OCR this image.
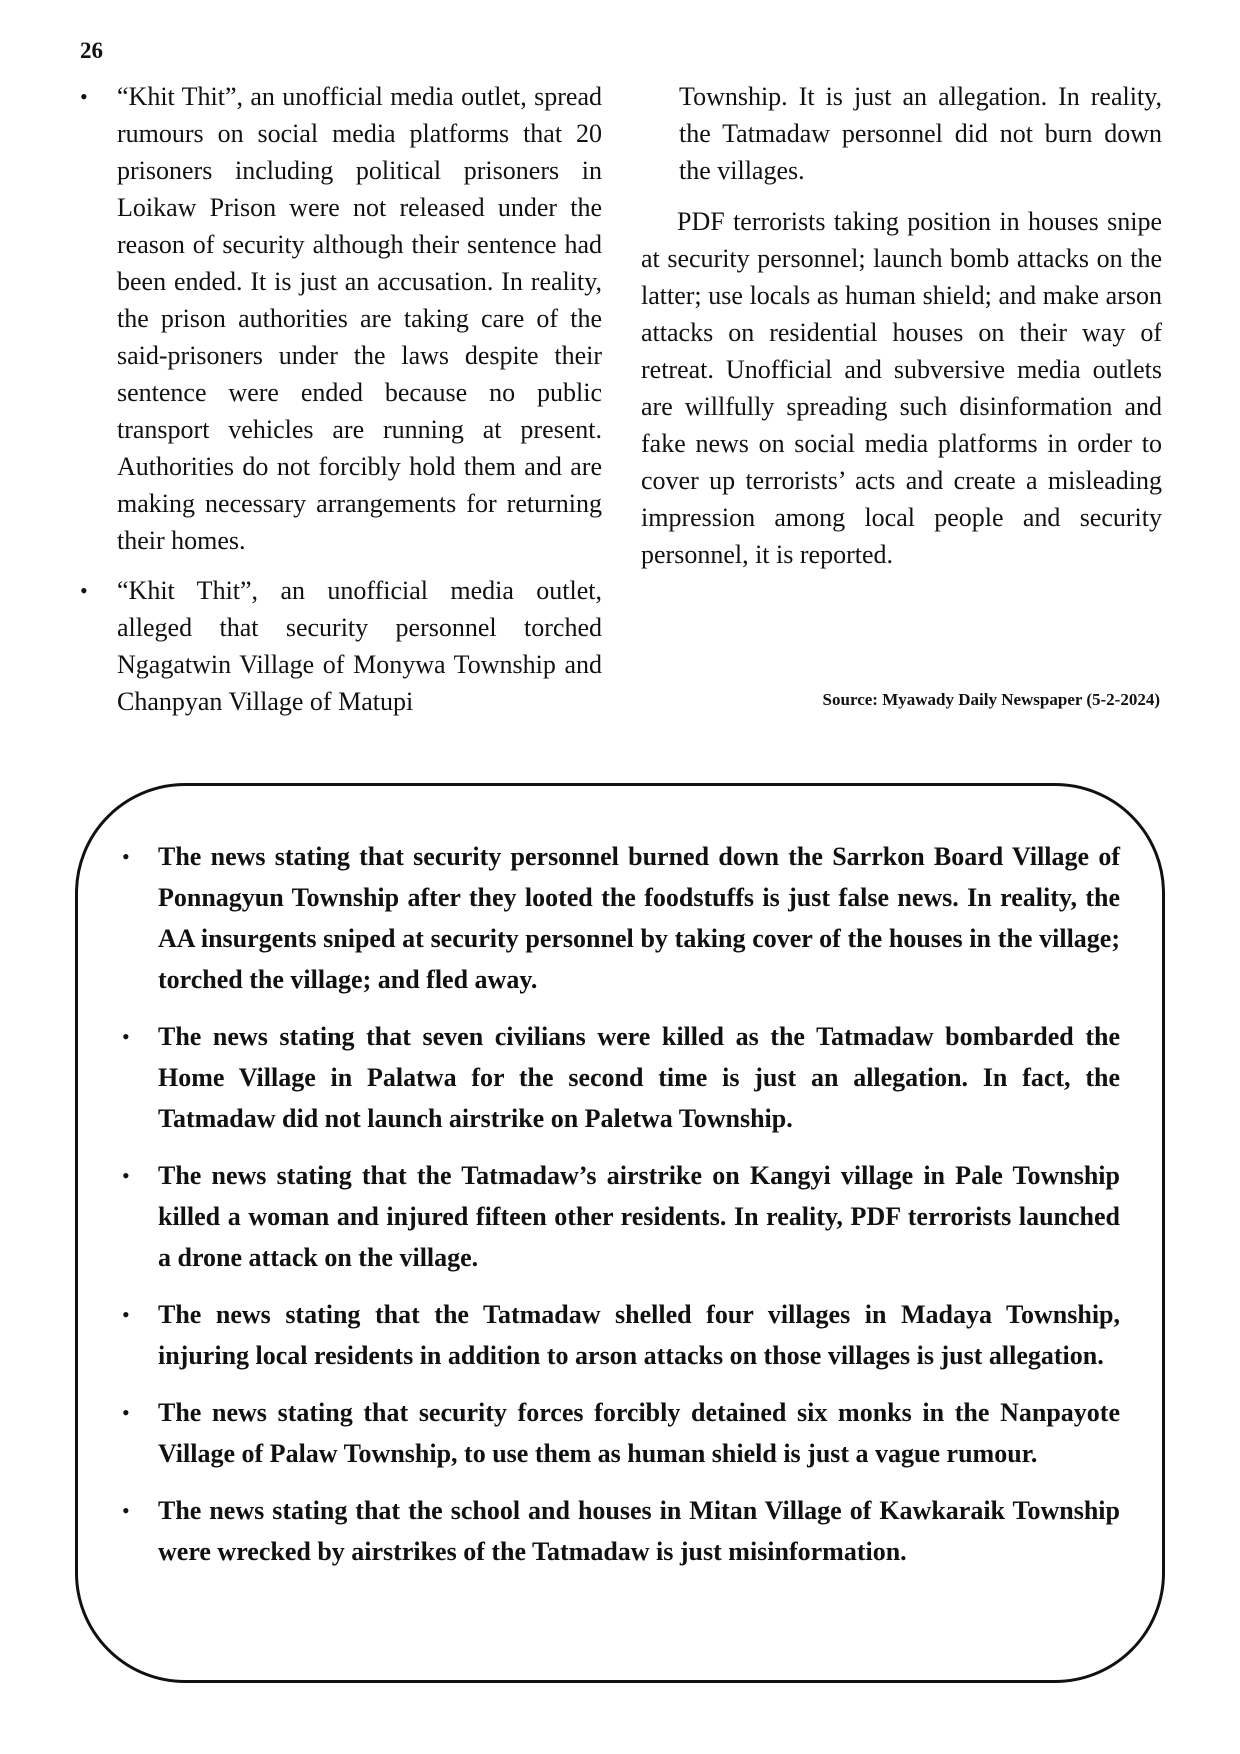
26
• “Khit Thit”, an unofficial media outlet, spread rumours on social media platforms that 20 prisoners including political prisoners in Loikaw Prison were not released under the reason of security although their sentence had been ended. It is just an accusation. In reality, the prison authorities are taking care of the said-prisoners under the laws despite their sentence were ended because no public transport vehicles are running at present. Authorities do not forcibly hold them and are making necessary arrangements for returning their homes.
• “Khit Thit”, an unofficial media outlet, alleged that security personnel torched Ngagatwin Village of Monywa Township and Chanpyan Village of Matupi

Township. It is just an allegation. In reality, the Tatmadaw personnel did not burn down the villages.

PDF terrorists taking position in houses snipe at security personnel; launch bomb attacks on the latter; use locals as human shield; and make arson attacks on residential houses on their way of retreat. Unofficial and subversive media outlets are willfully spreading such disinformation and fake news on social media platforms in order to cover up terrorists’ acts and create a misleading impression among local people and security personnel, it is reported.

Source: Myawady Daily Newspaper (5-2-2024)
• The news stating that security personnel burned down the Sarrkon Board Village of Ponnagyun Township after they looted the foodstuffs is just false news. In reality, the AA insurgents sniped at security personnel by taking cover of the houses in the village; torched the village; and fled away.
• The news stating that seven civilians were killed as the Tatmadaw bombarded the Home Village in Palatwa for the second time is just an allegation. In fact, the Tatmadaw did not launch airstrike on Paletwa Township.
• The news stating that the Tatmadaw’s airstrike on Kangyi village in Pale Township killed a woman and injured fifteen other residents. In reality, PDF terrorists launched a drone attack on the village.
• The news stating that the Tatmadaw shelled four villages in Madaya Township, injuring local residents in addition to arson attacks on those villages is just allegation.
• The news stating that security forces forcibly detained six monks in the Nanpayote Village of Palaw Township, to use them as human shield is just a vague rumour.
• The news stating that the school and houses in Mitan Village of Kawkaraik Township were wrecked by airstrikes of the Tatmadaw is just misinformation.
